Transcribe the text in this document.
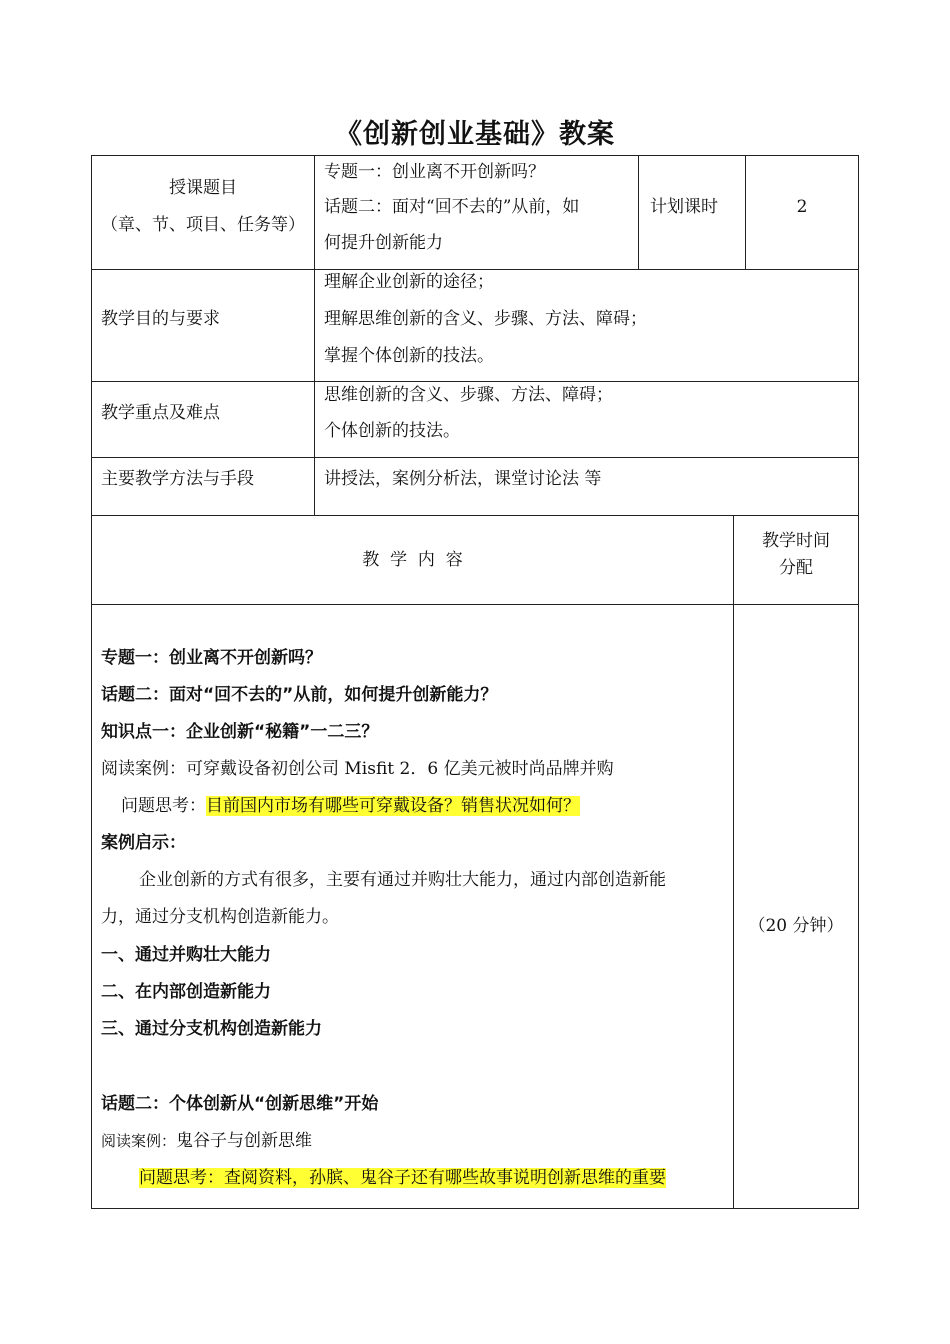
《创新创业基础》教案
授课题目
（章、节、项目、任务等）
专题一：创业离不开创新吗？
话题二：面对“回不去的”从前，如
何提升创新能力
计划课时	2
教学目的与要求
理解企业创新的途径；
理解思维创新的含义、步骤、方法、障碍；
掌握个体创新的技法。
教学重点及难点
思维创新的含义、步骤、方法、障碍；
个体创新的技法。
主要教学方法与手段	讲授法，案例分析法，课堂讨论法 等
教  学  内  容
教学时间
分配
专题一：创业离不开创新吗？
话题二：面对“回不去的”从前，如何提升创新能力？
知识点一：企业创新“秘籍”一二三？
阅读案例：可穿戴设备初创公司 Misfit 2．6 亿美元被时尚品牌并购
问题思考：目前国内市场有哪些可穿戴设备？销售状况如何？
案例启示：
企业创新的方式有很多，主要有通过并购壮大能力，通过内部创造新能
力，通过分支机构创造新能力。
一、通过并购壮大能力
二、在内部创造新能力
三、通过分支机构创造新能力
话题二：个体创新从“创新思维”开始
阅读案例：鬼谷子与创新思维
问题思考：查阅资料，孙膑、鬼谷子还有哪些故事说明创新思维的重要
（20 分钟）
